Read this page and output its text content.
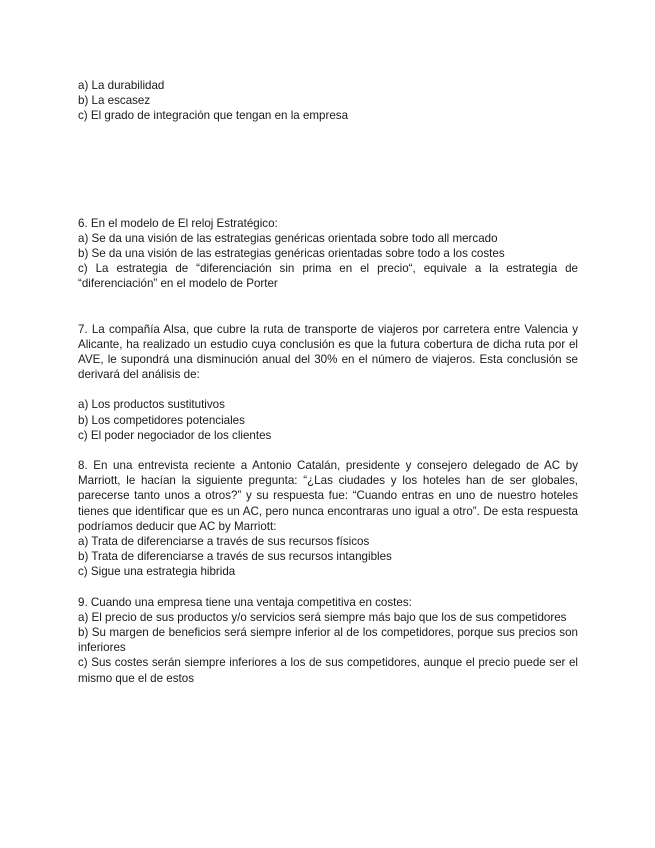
a) La durabilidad
b) La escasez
c) El grado de integración que tengan en la empresa
6. En el modelo de El reloj Estratégico:
a) Se da una visión de las estrategias genéricas orientada sobre todo all mercado
b) Se da una visión de las estrategias genéricas orientadas sobre todo a los costes
c) La estrategia de “diferenciación sin prima en el precio“, equivale a la estrategia de “diferenciación” en el modelo de Porter
7. La compañía Alsa, que cubre la ruta de transporte de viajeros por carretera entre Valencia y Alicante, ha realizado un estudio cuya conclusión es que la futura cobertura de dicha ruta por el AVE, le supondrá una disminución anual del 30% en el número de viajeros. Esta conclusión se derivará del análisis de:
a) Los productos sustitutivos
b) Los competidores potenciales
c) El poder negociador de los clientes
8. En una entrevista reciente a Antonio Catalán, presidente y consejero delegado de AC by Marriott, le hacían la siguiente pregunta: “¿Las ciudades y los hoteles han de ser globales, parecerse tanto unos a otros?” y su respuesta fue: “Cuando entras en uno de nuestro hoteles tienes que identificar que es un AC, pero nunca encontraras uno igual a otro”. De esta respuesta podríamos deducir que AC by Marriott:
a) Trata de diferenciarse a través de sus recursos físicos
b) Trata de diferenciarse a través de sus recursos intangibles
c) Sigue una estrategia hibrida
9. Cuando una empresa tiene una ventaja competitiva en costes:
a) El precio de sus productos y/o servicios será siempre más bajo que los de sus competidores
b) Su margen de beneficios será siempre inferior al de los competidores, porque sus precios son inferiores
c) Sus costes serán siempre inferiores a los de sus competidores, aunque el precio puede ser el mismo que el de estos
